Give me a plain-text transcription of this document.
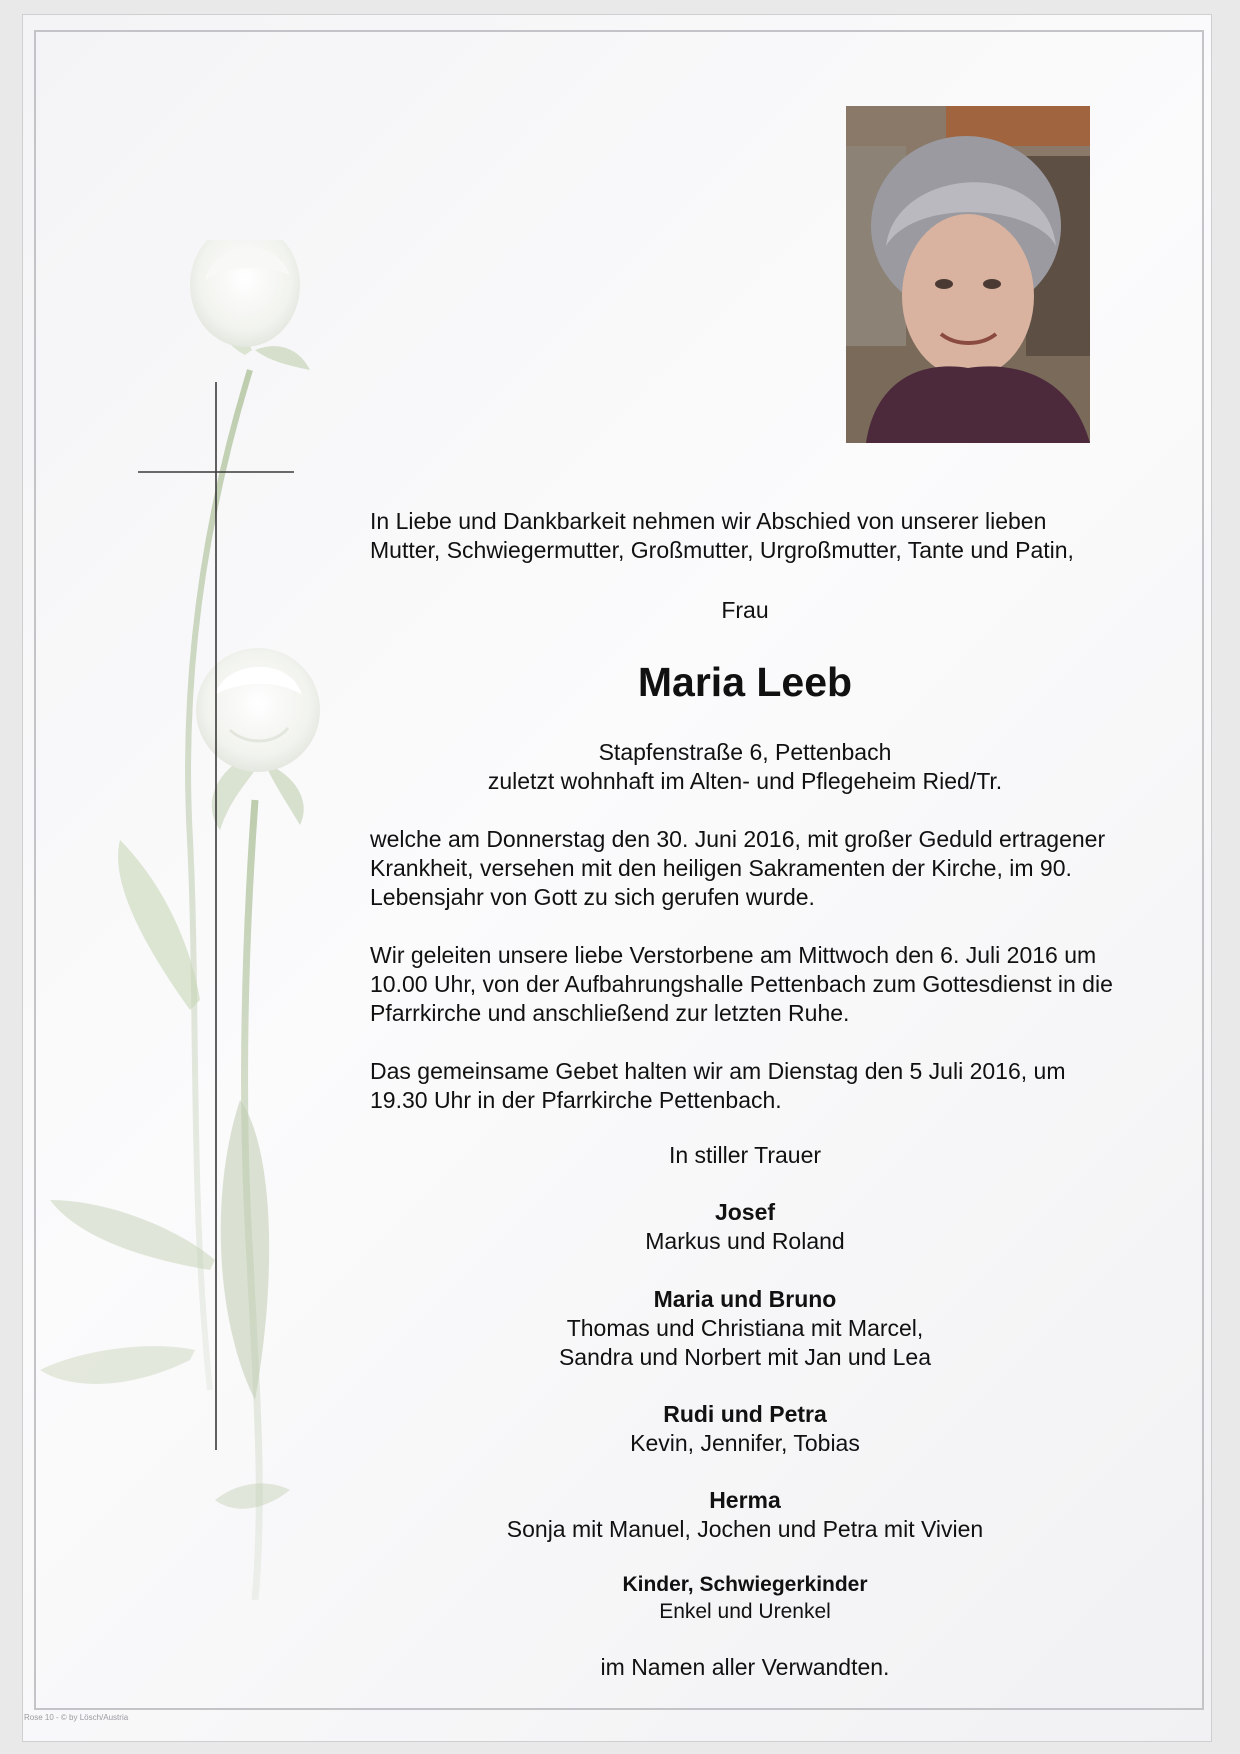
In Liebe und Dankbarkeit nehmen wir Abschied von unserer lieben Mutter, Schwiegermutter, Großmutter, Urgroßmutter, Tante und Patin,

Frau
Maria Leeb
Stapfenstraße 6, Pettenbach
zuletzt wohnhaft im Alten- und Pflegeheim Ried/Tr.

welche am Donnerstag den 30. Juni 2016, mit großer Geduld ertragener Krankheit, versehen mit den heiligen Sakramenten der Kirche, im 90. Lebensjahr von Gott zu sich gerufen wurde.

Wir geleiten unsere liebe Verstorbene am Mittwoch den 6. Juli 2016 um 10.00 Uhr, von der Aufbahrungshalle Pettenbach zum Gottesdienst in die Pfarrkirche und anschließend zur letzten Ruhe.

Das gemeinsame Gebet halten wir am Dienstag den 5 Juli 2016, um 19.30 Uhr in der Pfarrkirche Pettenbach.

In stiller Trauer
Josef
Markus und Roland
Maria und Bruno
Thomas und Christiana mit Marcel,
Sandra und Norbert mit Jan und Lea
Rudi und Petra
Kevin, Jennifer, Tobias
Herma
Sonja mit Manuel, Jochen und Petra mit Vivien
Kinder, Schwiegerkinder
Enkel und Urenkel
im Namen aller Verwandten.
Rose 10 - © by Lösch/Austria
